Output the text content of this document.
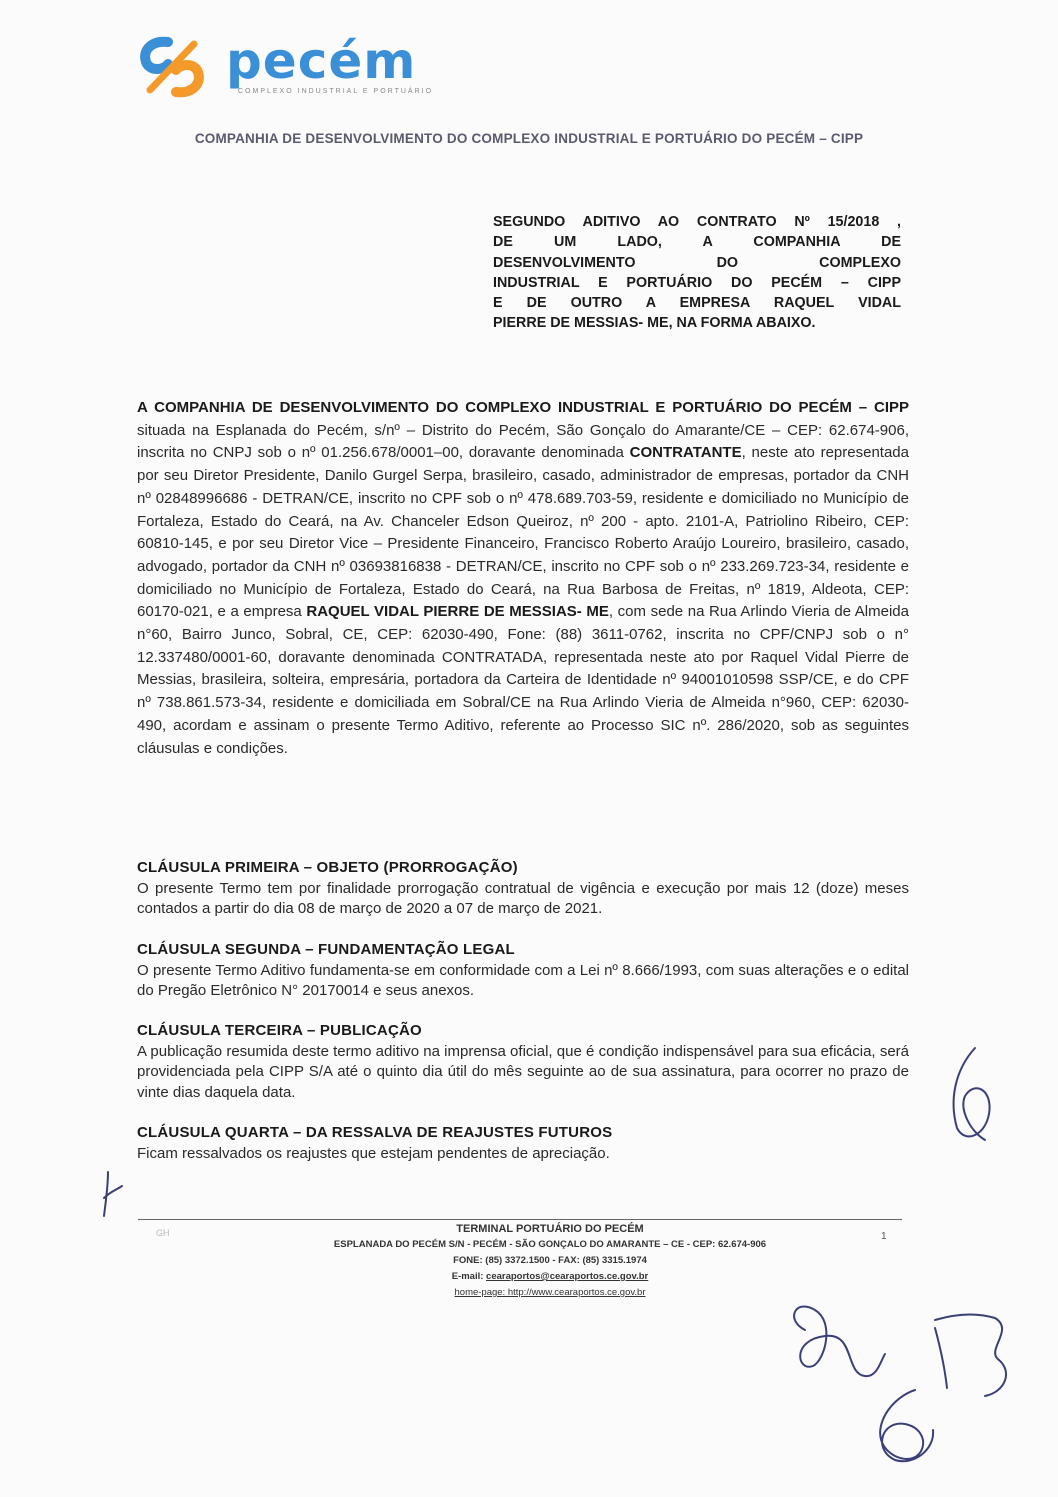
pecém
COMPLEXO INDUSTRIAL E PORTUÁRIO
COMPANHIA DE DESENVOLVIMENTO DO COMPLEXO INDUSTRIAL E PORTUÁRIO DO PECÉM – CIPP
SEGUNDO ADITIVO AO CONTRATO Nº 15/2018 ,
DE UM LADO, A COMPANHIA DE
DESENVOLVIMENTO DO COMPLEXO
INDUSTRIAL E PORTUÁRIO DO PECÉM – CIPP
E DE OUTRO A EMPRESA RAQUEL VIDAL
PIERRE DE MESSIAS- ME, NA FORMA ABAIXO.
A COMPANHIA DE DESENVOLVIMENTO DO COMPLEXO INDUSTRIAL E PORTUÁRIO DO PECÉM – CIPP situada na Esplanada do Pecém, s/nº – Distrito do Pecém, São Gonçalo do Amarante/CE – CEP: 62.674-906, inscrita no CNPJ sob o nº 01.256.678/0001–00, doravante denominada CONTRATANTE, neste ato representada por seu Diretor Presidente, Danilo Gurgel Serpa, brasileiro, casado, administrador de empresas, portador da CNH nº 02848996686 - DETRAN/CE, inscrito no CPF sob o nº 478.689.703-59, residente e domiciliado no Município de Fortaleza, Estado do Ceará, na Av. Chanceler Edson Queiroz, nº 200 - apto. 2101-A, Patriolino Ribeiro, CEP: 60810-145, e por seu Diretor Vice – Presidente Financeiro, Francisco Roberto Araújo Loureiro, brasileiro, casado, advogado, portador da CNH nº 03693816838 - DETRAN/CE, inscrito no CPF sob o nº 233.269.723-34, residente e domiciliado no Município de Fortaleza, Estado do Ceará, na Rua Barbosa de Freitas, nº 1819, Aldeota, CEP: 60170-021, e a empresa RAQUEL VIDAL PIERRE DE MESSIAS- ME, com sede na Rua Arlindo Vieria de Almeida n°60, Bairro Junco, Sobral, CE, CEP: 62030-490, Fone: (88) 3611-0762, inscrita no CPF/CNPJ sob o n° 12.337480/0001-60, doravante denominada CONTRATADA, representada neste ato por Raquel Vidal Pierre de Messias, brasileira, solteira, empresária, portadora da Carteira de Identidade nº 94001010598 SSP/CE, e do CPF nº 738.861.573-34, residente e domiciliada em Sobral/CE na Rua Arlindo Vieria de Almeida n°960, CEP: 62030-490, acordam e assinam o presente Termo Aditivo, referente ao Processo SIC nº. 286/2020, sob as seguintes cláusulas e condições.
CLÁUSULA PRIMEIRA – OBJETO (PRORROGAÇÃO)

O presente Termo tem por finalidade prorrogação contratual de vigência e execução por mais 12 (doze) meses contados a partir do dia 08 de março de 2020 a 07 de março de 2021.

CLÁUSULA SEGUNDA – FUNDAMENTAÇÃO LEGAL

O presente Termo Aditivo fundamenta-se em conformidade com a Lei nº 8.666/1993, com suas alterações e o edital do Pregão Eletrônico N° 20170014 e seus anexos.

CLÁUSULA TERCEIRA – PUBLICAÇÃO

A publicação resumida deste termo aditivo na imprensa oficial, que é condição indispensável para sua eficácia, será providenciada pela CIPP S/A até o quinto dia útil do mês seguinte ao de sua assinatura, para ocorrer no prazo de vinte dias daquela data.

CLÁUSULA QUARTA – DA RESSALVA DE REAJUSTES FUTUROS

Ficam ressalvados os reajustes que estejam pendentes de apreciação.

GH	1
TERMINAL PORTUÁRIO DO PECÉM
ESPLANADA DO PECÉM S/N - PECÉM - SÃO GONÇALO DO AMARANTE – CE - CEP: 62.674-906
FONE: (85) 3372.1500 - FAX: (85) 3315.1974
E-mail: cearaportos@cearaportos.ce.gov.br
home-page: http://www.cearaportos.ce.gov.br
